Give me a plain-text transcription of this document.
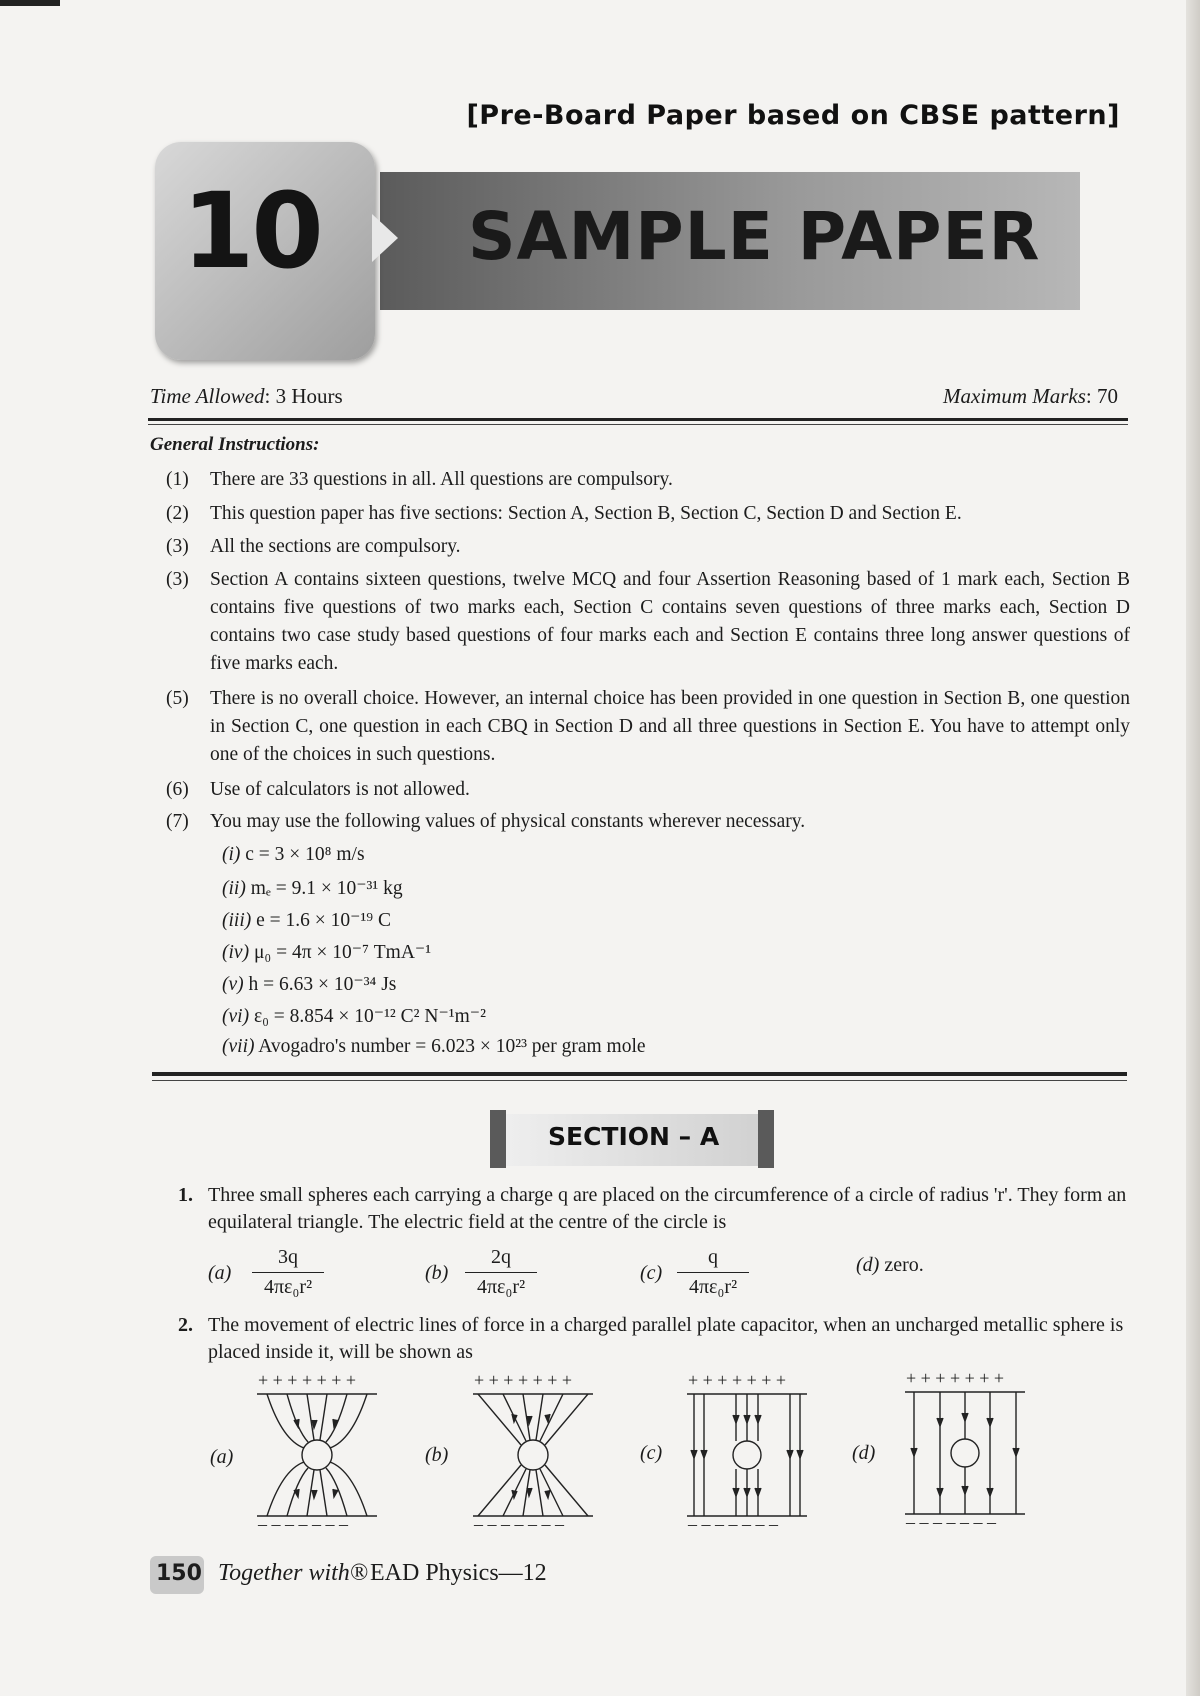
[Pre-Board Paper based on CBSE pattern]
10 SAMPLE PAPER
Time Allowed: 3 Hours	Maximum Marks: 70
General Instructions:
(1) There are 33 questions in all. All questions are compulsory.
(2) This question paper has five sections: Section A, Section B, Section C, Section D and Section E.
(3) All the sections are compulsory.
(3) Section A contains sixteen questions, twelve MCQ and four Assertion Reasoning based of 1 mark each, Section B contains five questions of two marks each, Section C contains seven questions of three marks each, Section D contains two case study based questions of four marks each and Section E contains three long answer questions of five marks each.
(5) There is no overall choice. However, an internal choice has been provided in one question in Section B, one question in Section C, one question in each CBQ in Section D and all three questions in Section E. You have to attempt only one of the choices in such questions.
(6) Use of calculators is not allowed.
(7) You may use the following values of physical constants wherever necessary.
(i) c = 3 × 10⁸ m/s
(ii) mₑ = 9.1 × 10⁻³¹ kg
(iii) e = 1.6 × 10⁻¹⁹ C
(iv) μ₀ = 4π × 10⁻⁷ TmA⁻¹
(v) h = 6.63 × 10⁻³⁴ Js
(vi) ε₀ = 8.854 × 10⁻¹² C² N⁻¹m⁻²
(vii) Avogadro's number = 6.023 × 10²³ per gram mole
SECTION – A
1. Three small spheres each carrying a charge q are placed on the circumference of a circle of radius 'r'. They form an equilateral triangle. The electric field at the centre of the circle is
(a)
3q
4πε₀r²
(b)
2q
4πε₀r²
(c)
q
4πε₀r²
(d) zero.
2. The movement of electric lines of force in a charged parallel plate capacitor, when an uncharged metallic sphere is placed inside it, will be shown as
(a)	(b)	(c)	(d)
+ + + + + + +
– – – – – – –
+ + + + + + +
– – – – – – –
+ + + + + + +
– – – – – – –
+ + + + + + +
– – – – – – –
150 Together with® EAD Physics—12
